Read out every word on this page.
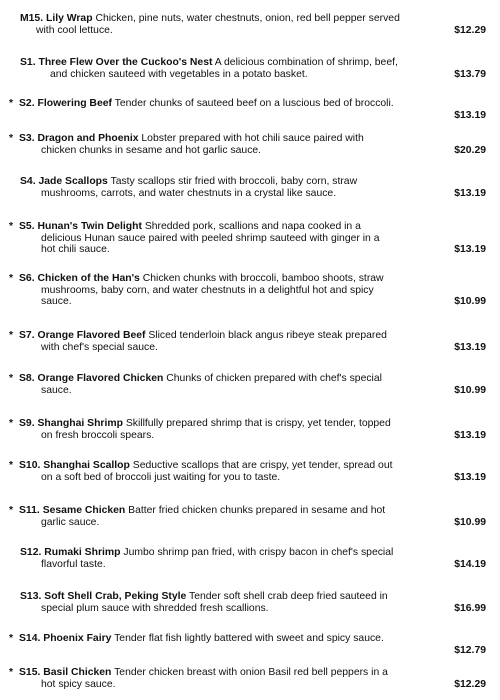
M15. Lily Wrap Chicken, pine nuts, water chestnuts, onion, red bell pepper served
with cool lettuce.	$12.29
S1. Three Flew Over the Cuckoo's Nest A delicious combination of shrimp, beef,
and chicken sauteed with vegetables in a potato basket.	$13.79
* S2. Flowering Beef Tender chunks of sauteed beef on a luscious bed of broccoli.
$13.19
* S3. Dragon and Phoenix Lobster prepared with hot chili sauce paired with
chicken chunks in sesame and hot garlic sauce.	$20.29
S4. Jade Scallops Tasty scallops stir fried with broccoli, baby corn, straw
mushrooms, carrots, and water chestnuts in a crystal like sauce.	$13.19
* S5. Hunan's Twin Delight Shredded pork, scallions and napa cooked in a
delicious Hunan sauce paired with peeled shrimp sauteed with ginger in a
hot chili sauce.	$13.19
* S6. Chicken of the Han's Chicken chunks with broccoli, bamboo shoots, straw
mushrooms, baby corn, and water chestnuts in a delightful hot and spicy
sauce.	$10.99
* S7. Orange Flavored Beef Sliced tenderloin black angus ribeye steak prepared
with chef's special sauce.	$13.19
* S8. Orange Flavored Chicken Chunks of chicken prepared with chef's special
sauce.	$10.99
* S9. Shanghai Shrimp Skillfully prepared shrimp that is crispy, yet tender, topped
on fresh broccoli spears.	$13.19
* S10. Shanghai Scallop Seductive scallops that are crispy, yet tender, spread out
on a soft bed of broccoli just waiting for you to taste.	$13.19
* S11. Sesame Chicken Batter fried chicken chunks prepared in sesame and hot
garlic sauce.	$10.99
S12. Rumaki Shrimp Jumbo shrimp pan fried, with crispy bacon in chef's special
flavorful taste.	$14.19
S13. Soft Shell Crab, Peking Style Tender soft shell crab deep fried sauteed in
special plum sauce with shredded fresh scallions.	$16.99
* S14. Phoenix Fairy Tender flat fish lightly battered with sweet and spicy sauce.
$12.79
* S15. Basil Chicken Tender chicken breast with onion Basil red bell peppers in a
hot spicy sauce.	$12.29
